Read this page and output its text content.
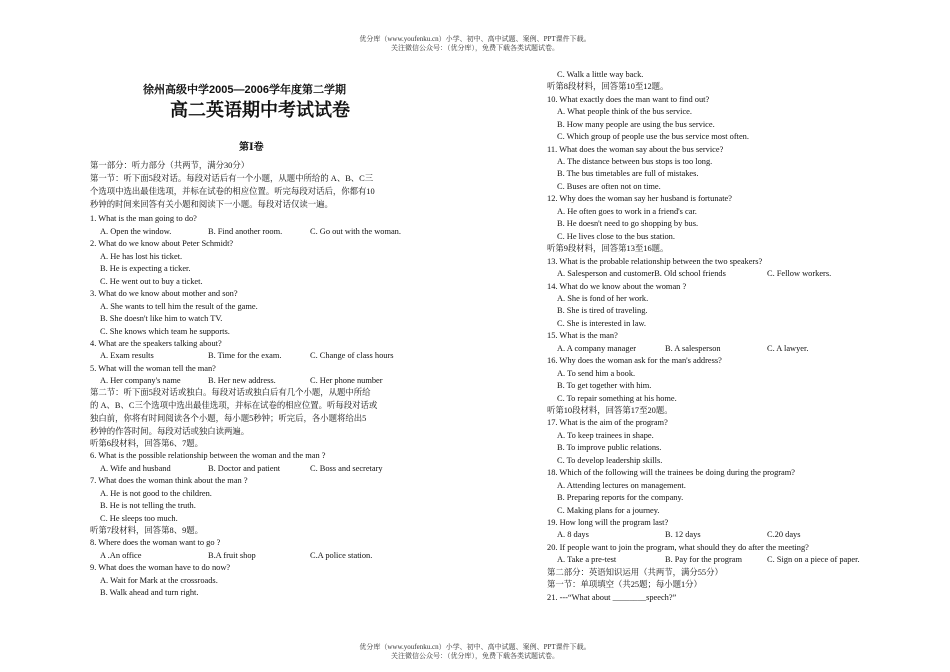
优分库（www.youfenku.cn）小学、初中、高中试题、案例、PPT课件下载。
关注微信公众号：（优分库），免费下载各类试题试卷。
徐州高级中学2005—2006学年度第二学期
高二英语期中考试试卷
第Ⅰ卷
第一部分：听力部分（共两节，满分30分）
第一节：听下面5段对话。每段对话后有一个小题，从题中所给的 A、B、C三
个选项中选出最佳选项，并标在试卷的相应位置。听完每段对话后，你都有10
秒钟的时间来回答有关小题和阅读下一小题。每段对话仅读一遍。
1. What is the man going to do?
A. Open the window.	B. Find another room.	C. Go out with the woman.
2. What do we know about Peter Schmidt?
A. He has lost his ticket.
B. He is expecting a ticker.
C. He went out to buy a ticket.
3. What do we know about mother and son?
A. She wants to tell him the result of the game.
B. She doesn't like him to watch TV.
C. She knows which team he supports.
4. What are the speakers talking about?
A. Exam results	B. Time for the exam.	C. Change of class hours
5. What will the woman tell the man?
A. Her company's name	B. Her new address.	C. Her phone number
第二节：听下面5段对话或独白。每段对话或独白后有几个小题，从题中所给
的 A、B、C三个选项中选出最佳选项，并标在试卷的相应位置。听每段对话或
独白前，你将有时间阅读各个小题，每小题5秒钟；听完后，各小题将给出5
秒钟的作答时间。每段对话或独白读两遍。
听第6段材料，回答第6、7题。
6. What is the possible relationship between the woman and the man ?
A. Wife and husband	B. Doctor and patient	C. Boss and secretary
7. What does the woman think about the man ?
A. He is not good to the children.
B. He is not telling the truth.
C. He sleeps too much.
听第7段材料，回答第8、9题。
8. Where does the woman want to go ?
A .An office	B.A fruit shop	C.A police station.
9. What does the woman have to do now?
A. Wait for Mark at the crossroads.
B. Walk ahead and turn right.
C. Walk a little way back.
听第8段材料，回答第10至12题。
10. What exactly does the man want to find out?
A. What people think of the bus service.
B. How many people are using the bus service.
C. Which group of people use the bus service most often.
11. What does the woman say about the bus service?
A. The distance between bus stops is too long.
B. The bus timetables are full of mistakes.
C. Buses are often not on time.
12. Why does the woman say her husband is fortunate?
A. He often goes to work in a friend's car.
B. He doesn't need to go shopping by bus.
C. He lives close to the bus station.
听第9段材料，回答第13至16题。
13. What is the probable relationship between the two speakers?
A. Salesperson and customerB. Old school friends	C. Fellow workers.
14. What do we know about the woman ?
A. She is fond of her work.
B. She is tired of traveling.
C. She is interested in law.
15. What is the man?
A. A company manager	B. A salesperson	C. A lawyer.
16. Why does the woman ask for the man's address?
A. To send him a book.
B. To get together with him.
C. To repair something at his home.
听第10段材料，回答第17至20题。
17. What is the aim of the program?
A. To keep trainees in shape.
B. To improve public relations.
C. To develop leadership skills.
18. Which of the following will the trainees be doing during the program?
A. Attending lectures on management.
B. Preparing reports for the company.
C. Making plans for a journey.
19. How long will the program last?
A. 8 days	B. 12 days	C.20 days
20. If people want to join the program, what should they do after the meeting?
A. Take a pre-test	B. Pay for the program	C. Sign on a piece of paper.
第二部分：英语知识运用（共两节，满分55分）
第一节：单项填空（共25题；每小题1分）
21. ---“What about ________speech?”
优分库（www.youfenku.cn）小学、初中、高中试题、案例、PPT课件下载。
关注微信公众号：（优分库），免费下载各类试题试卷。
